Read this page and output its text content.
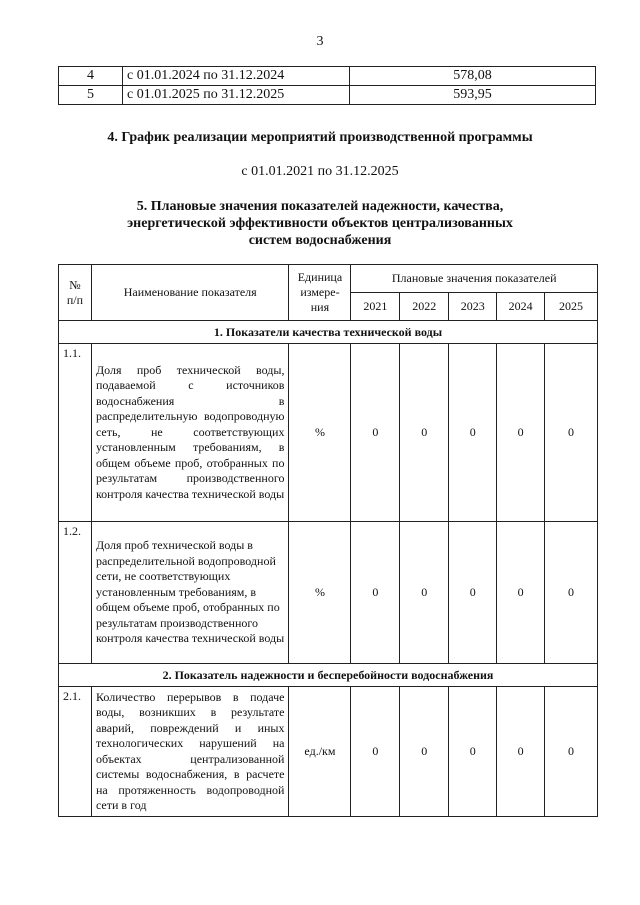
3
4	с 01.01.2024 по 31.12.2024	578,08
5	с 01.01.2025 по 31.12.2025	593,95
4. График реализации мероприятий производственной программы
с 01.01.2021 по 31.12.2025
5. Плановые значения показателей надежности, качества,
энергетической эффективности объектов централизованных
систем водоснабжения
№ п/п	Наименование показателя	Единица измере- ния	Плановые значения показателей				
			2021	2022	2023	2024	2025
1. Показатели качества технической воды							
1.1.	Доля проб технической воды, подаваемой с источников водоснабжения в распределительную водопроводную сеть, не соответствующих установленным требованиям, в общем объеме проб, отобранных по результатам производственного контроля качества технической воды	%	0	0	0	0	0
1.2.	Доля проб технической воды в распределительной водопроводной сети, не соответствующих установленным требованиям, в общем объеме проб, отобранных по результатам производственного контроля качества технической воды	%	0	0	0	0	0
2. Показатель надежности и бесперебойности водоснабжения							
2.1.	Количество перерывов в подаче воды, возникших в результате аварий, повреждений и иных технологических нарушений на объектах централизованной системы водоснабжения, в расчете на протяженность водопроводной сети в год	ед./км	0	0	0	0	0
